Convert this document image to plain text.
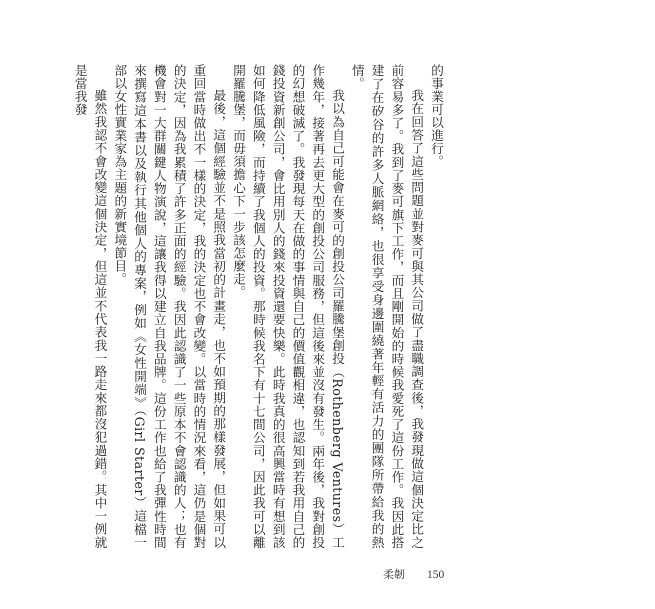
的事業可以進行。

我在回答了這些問題並對麥可與其公司做了盡職調查後，我發現做這個決定比之前容易多了。我到了麥可旗下工作，而且剛開始的時候我愛死了這份工作。我因此搭建了在矽谷的許多人脈網絡，也很享受身邊圍繞著年輕有活力的團隊所帶給我的熱情。

我以為自己可能會在麥可的創投公司羅騰堡創投（Rothenberg Ventures）工作幾年，接著再去更大型的創投公司服務，但這後來並沒有發生。兩年後，我對創投的幻想破滅了。我發現每天在做的事情與自己的價值觀相違，也認知到若我用自己的錢投資新創公司，會比用別人的錢來投資還要快樂。此時我真的很高興當時有想到該如何降低風險，而持續了我個人的投資。那時候我名下有十七間公司，因此我可以離開羅騰堡，而毋須擔心下一步該怎麼走。

最後，這個經驗並不是照我當初的計畫走，也不如預期的那樣發展，但如果可以重回當時做出不一樣的決定，我的決定也不會改變。以當時的情況來看，這仍是個對的決定，因為我累積了許多正面的經驗。我因此認識了一些原本不會認識的人；也有機會對一大群關鍵人物演說，這讓我得以建立自我品牌。這份工作也給了我彈性時間來撰寫這本書以及執行其他個人的專案，例如《女性開端》（Girl Starter）這檔一部以女性實業家為主題的新實境節目。

雖然我認不會改變這個決定，但這並不代表我一路走來都沒犯過錯。其中一例就是當我發

柔韌 150
